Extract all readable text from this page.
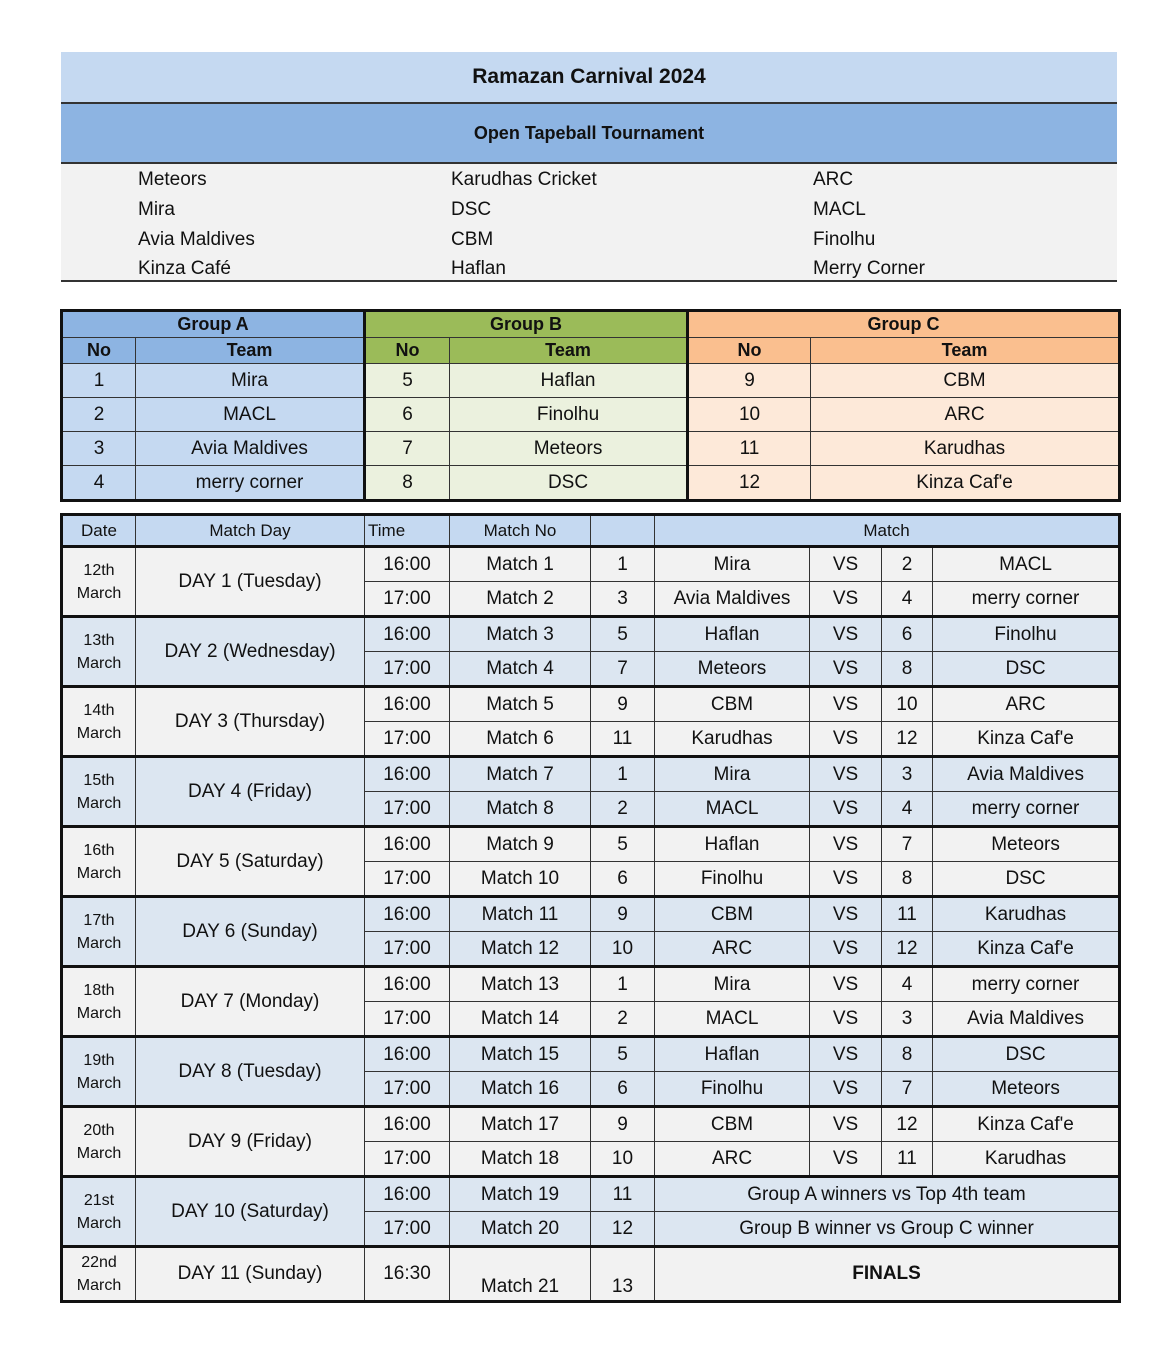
Ramazan Carnival 2024
Open Tapeball Tournament
Meteors	Karudhas Cricket	ARC
Mira	DSC	MACL
Avia Maldives	CBM	Finolhu
Kinza Café	Haflan	Merry Corner
Group A		Group B		Group C	
No	Team	No	Team	No	Team
1	Mira	5	Haflan	9	CBM
2	MACL	6	Finolhu	10	ARC
3	Avia Maldives	7	Meteors	11	Karudhas
4	merry corner	8	DSC	12	Kinza Caf'e
Date	Match Day	Time	Match No		Match			
12th
March	DAY 1 (Tuesday)	16:00	Match 1	1	Mira	VS	2	MACL
		17:00	Match 2	3	Avia Maldives	VS	4	merry corner
13th
March	DAY 2 (Wednesday)	16:00	Match 3	5	Haflan	VS	6	Finolhu
		17:00	Match 4	7	Meteors	VS	8	DSC
14th
March	DAY 3 (Thursday)	16:00	Match 5	9	CBM	VS	10	ARC
		17:00	Match 6	11	Karudhas	VS	12	Kinza Caf'e
15th
March	DAY 4 (Friday)	16:00	Match 7	1	Mira	VS	3	Avia Maldives
		17:00	Match 8	2	MACL	VS	4	merry corner
16th
March	DAY 5 (Saturday)	16:00	Match 9	5	Haflan	VS	7	Meteors
		17:00	Match 10	6	Finolhu	VS	8	DSC
17th
March	DAY 6 (Sunday)	16:00	Match 11	9	CBM	VS	11	Karudhas
		17:00	Match 12	10	ARC	VS	12	Kinza Caf'e
18th
March	DAY 7 (Monday)	16:00	Match 13	1	Mira	VS	4	merry corner
		17:00	Match 14	2	MACL	VS	3	Avia Maldives
19th
March	DAY 8 (Tuesday)	16:00	Match 15	5	Haflan	VS	8	DSC
		17:00	Match 16	6	Finolhu	VS	7	Meteors
20th
March	DAY 9 (Friday)	16:00	Match 17	9	CBM	VS	12	Kinza Caf'e
		17:00	Match 18	10	ARC	VS	11	Karudhas
21st
March	DAY 10 (Saturday)	16:00	Match 19	11	Group A winners vs Top 4th team			
		17:00	Match 20	12	Group B winner vs Group C winner			
22nd
March	DAY 11 (Sunday)	16:30	Match 21	13	FINALS			
